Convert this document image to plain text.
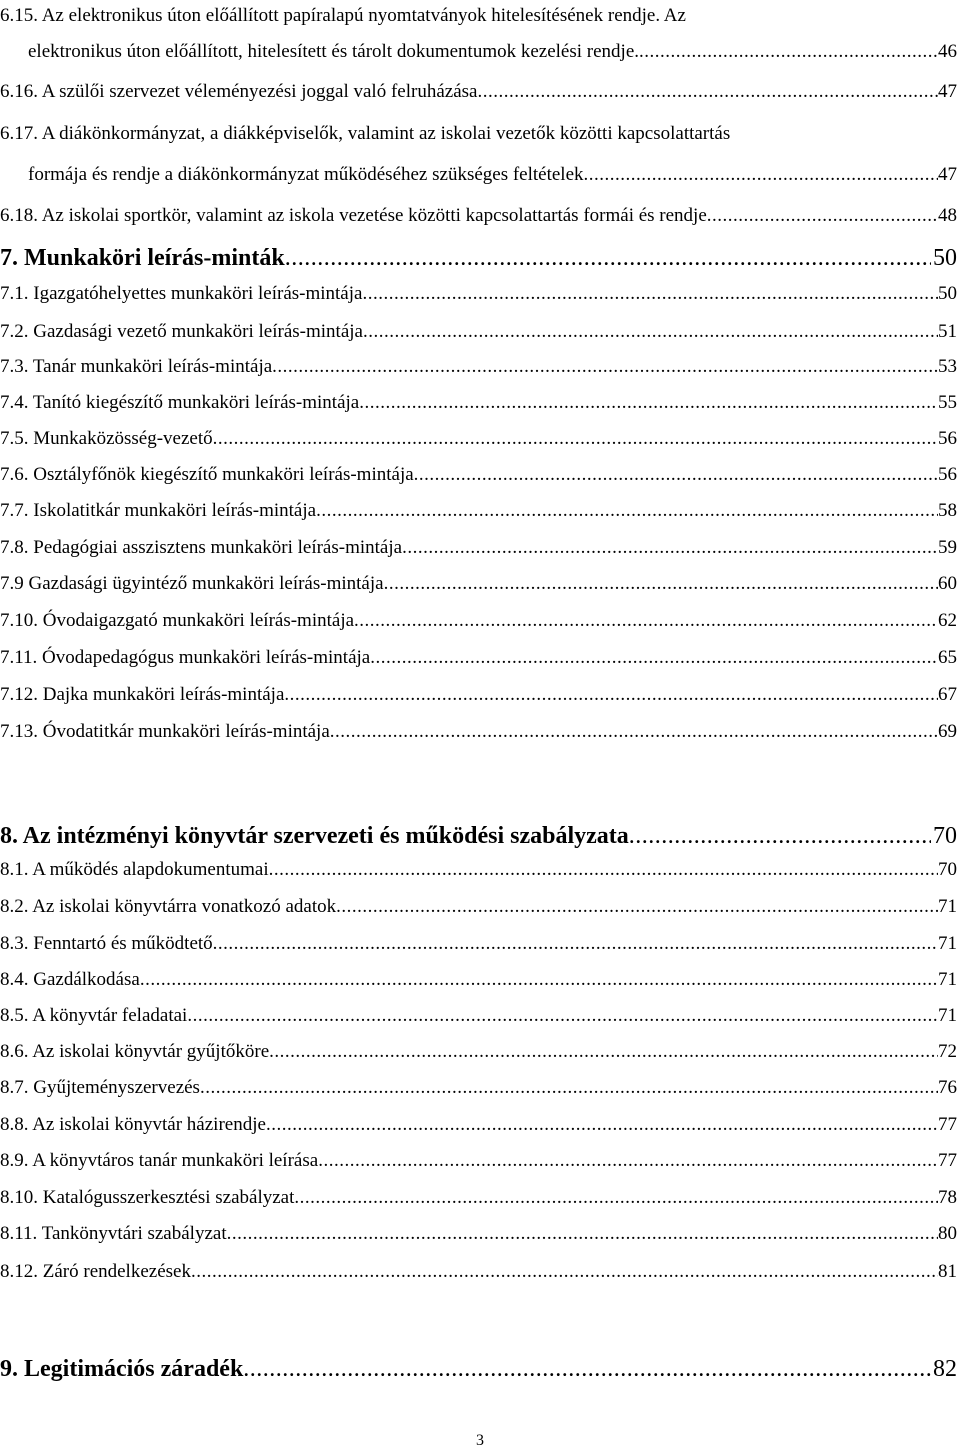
6.15. Az elektronikus úton előállított papíralapú nyomtatványok hitelesítésének rendje. Az
elektronikus úton előállított, hitelesített és tárolt dokumentumok kezelési rendje. .....	46
6.16. A szülői szervezet véleményezési joggal való felruházása .....	47
6.17. A diákönkormányzat, a diákképviselők, valamint az iskolai vezetők közötti kapcsolattartás
formája és rendje a diákönkormányzat működéséhez szükséges feltételek .....	47
6.18. Az iskolai sportkör, valamint az iskola vezetése közötti kapcsolattartás formái és rendje .....	48
7. Munkaköri leírás-minták .....	50
7.1. Igazgatóhelyettes munkaköri leírás-mintája .....	50
7.2. Gazdasági vezető munkaköri leírás-mintája .....	51
7.3. Tanár munkaköri leírás-mintája .....	53
7.4. Tanító kiegészítő munkaköri leírás-mintája .....	55
7.5. Munkaközösség-vezető .....	56
7.6. Osztályfőnök kiegészítő munkaköri leírás-mintája .....	56
7.7. Iskolatitkár munkaköri leírás-mintája .....	58
7.8. Pedagógiai asszisztens munkaköri leírás-mintája .....	59
7.9 Gazdasági ügyintéző munkaköri leírás-mintája .....	60
7.10. Óvodaigazgató munkaköri leírás-mintája .....	62
7.11. Óvodapedagógus munkaköri leírás-mintája .....	65
7.12. Dajka munkaköri leírás-mintája .....	67
7.13. Óvodatitkár munkaköri leírás-mintája .....	69
8. Az intézményi könyvtár szervezeti és működési szabályzata .....	70
8.1. A működés alapdokumentumai .....	70
8.2. Az iskolai könyvtárra vonatkozó adatok .....	71
8.3. Fenntartó és működtető .....	71
8.4. Gazdálkodása .....	71
8.5. A könyvtár feladatai .....	71
8.6. Az iskolai könyvtár gyűjtőköre .....	72
8.7. Gyűjteményszervezés .....	76
8.8. Az iskolai könyvtár házirendje .....	77
8.9. A könyvtáros tanár munkaköri leírása .....	77
8.10. Katalógusszerkesztési szabályzat .....	78
8.11. Tankönyvtári szabályzat .....	80
8.12. Záró rendelkezések .....	81
9. Legitimációs záradék .....	82
3
